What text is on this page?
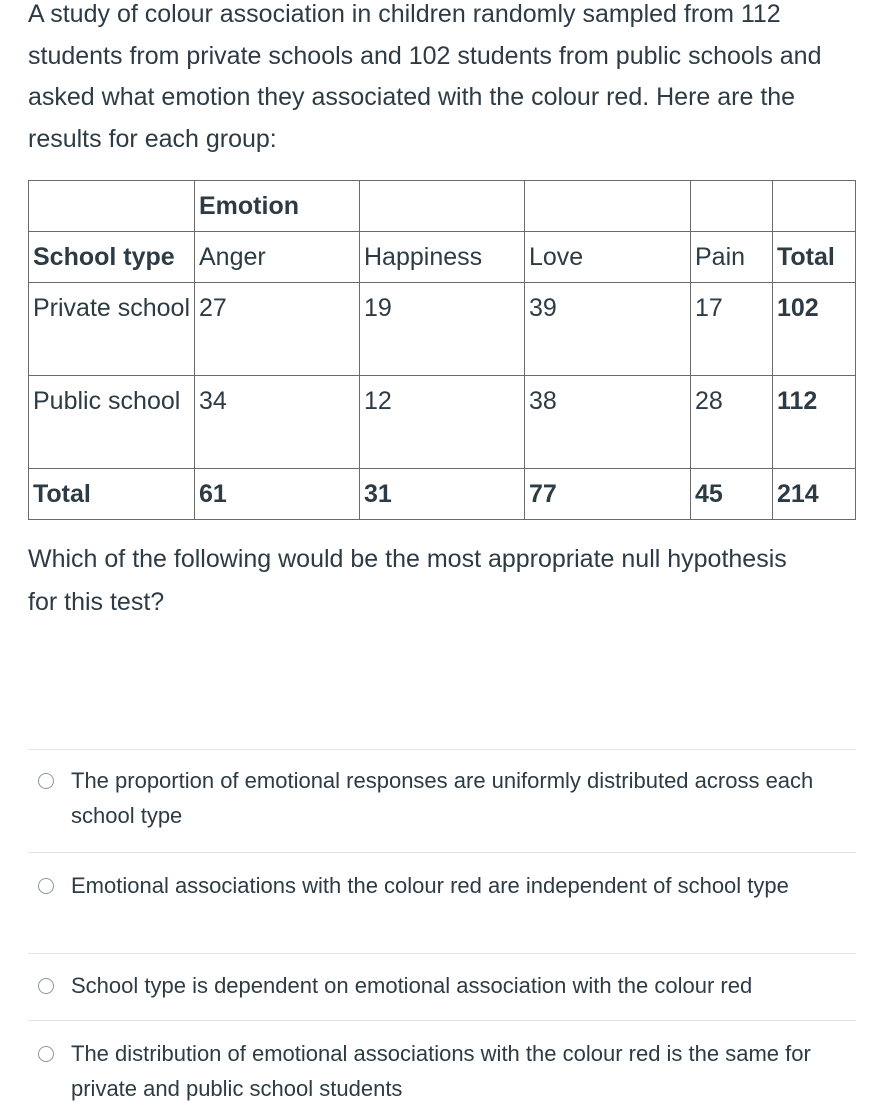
A study of colour association in children randomly sampled from 112 students from private schools and 102 students from public schools and asked what emotion they associated with the colour red. Here are the results for each group:

	Emotion				
School type	Anger	Happiness	Love	Pain	Total
Private school	27	19	39	17	102
Public school	34	12	38	28	112
Total	61	31	77	45	214

Which of the following would be the most appropriate null hypothesis for this test?

The proportion of emotional responses are uniformly distributed across each school type
Emotional associations with the colour red are independent of school type
School type is dependent on emotional association with the colour red
The distribution of emotional associations with the colour red is the same for private and public school students
